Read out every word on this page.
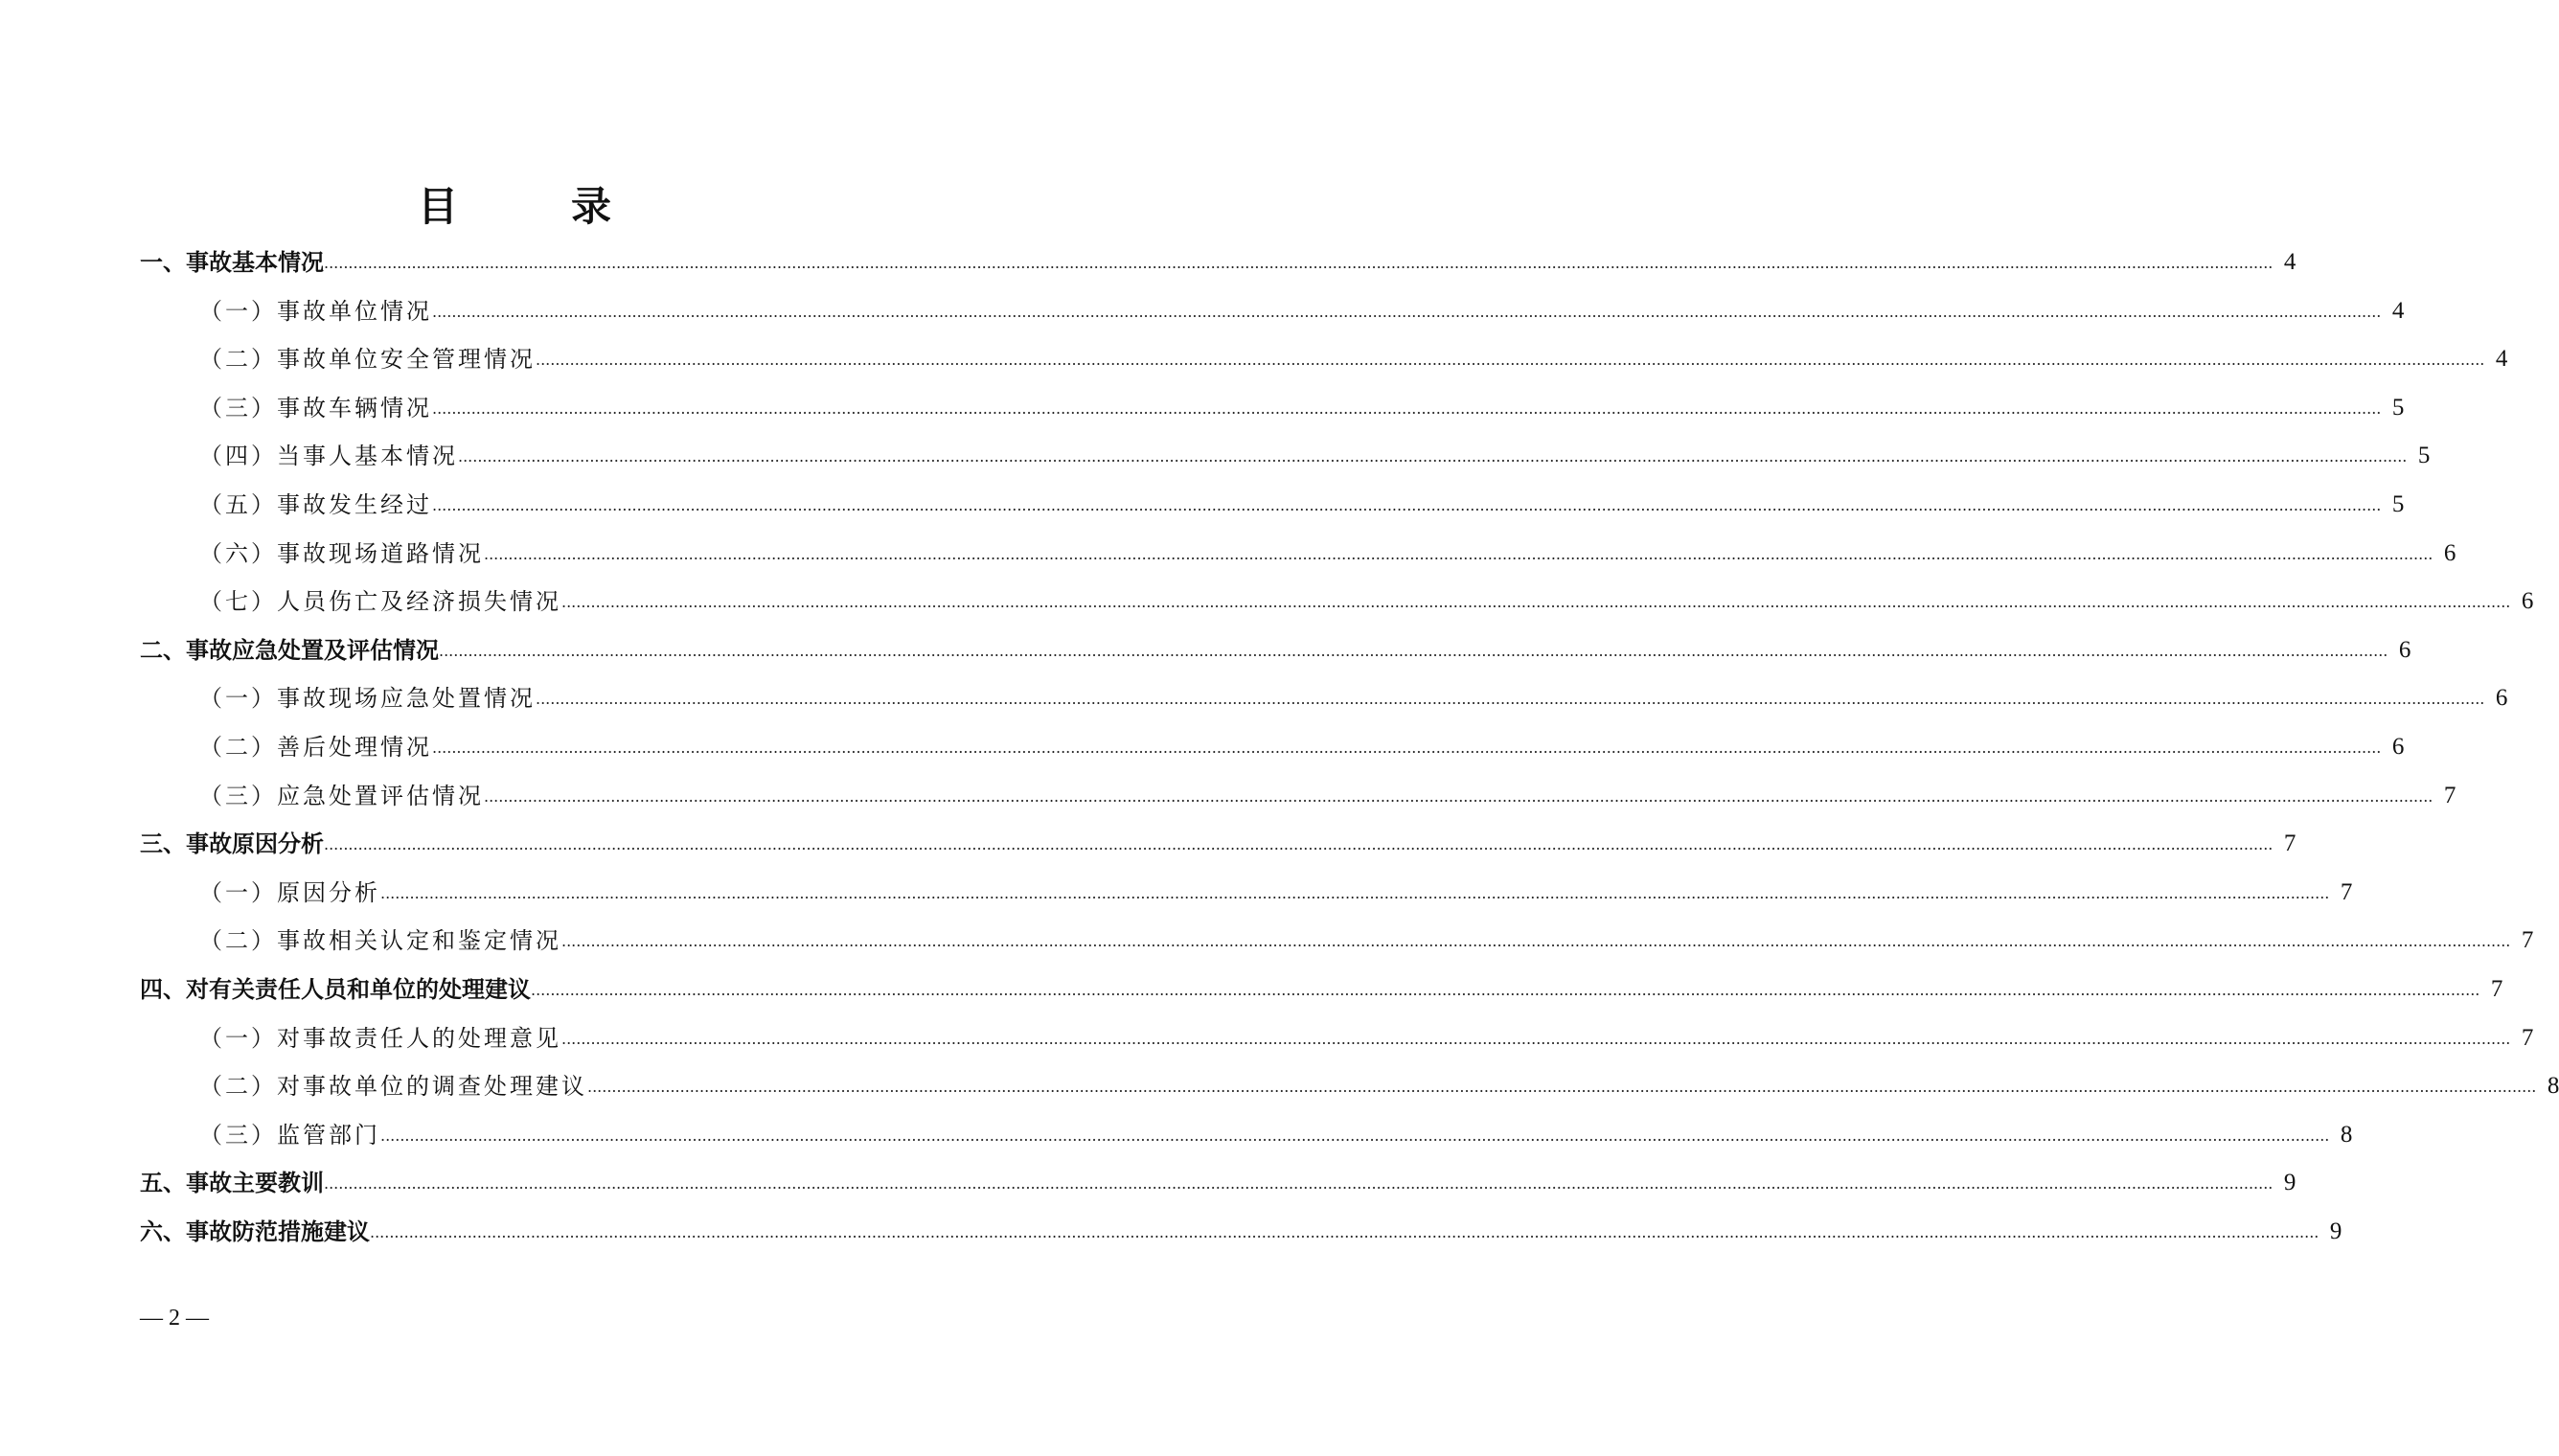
目　录
一、事故基本情况 ................................................................................................................................................................................................................................................................................................................................................................................................................ 4
（一）事故单位情况 ................................................................................................................................................................................................................................................................................................................................................................................................................ 4
（二）事故单位安全管理情况 ................................................................................................................................................................................................................................................................................................................................................................................................................ 4
（三）事故车辆情况 ................................................................................................................................................................................................................................................................................................................................................................................................................ 5
（四）当事人基本情况 ................................................................................................................................................................................................................................................................................................................................................................................................................ 5
（五）事故发生经过 ................................................................................................................................................................................................................................................................................................................................................................................................................ 5
（六）事故现场道路情况 ................................................................................................................................................................................................................................................................................................................................................................................................................ 6
（七）人员伤亡及经济损失情况 ................................................................................................................................................................................................................................................................................................................................................................................................................ 6
二、事故应急处置及评估情况 ................................................................................................................................................................................................................................................................................................................................................................................................................ 6
（一）事故现场应急处置情况 ................................................................................................................................................................................................................................................................................................................................................................................................................ 6
（二）善后处理情况 ................................................................................................................................................................................................................................................................................................................................................................................................................ 6
（三）应急处置评估情况 ................................................................................................................................................................................................................................................................................................................................................................................................................ 7
三、事故原因分析 ................................................................................................................................................................................................................................................................................................................................................................................................................ 7
（一）原因分析 ................................................................................................................................................................................................................................................................................................................................................................................................................ 7
（二）事故相关认定和鉴定情况 ................................................................................................................................................................................................................................................................................................................................................................................................................ 7
四、对有关责任人员和单位的处理建议 ................................................................................................................................................................................................................................................................................................................................................................................................................ 7
（一）对事故责任人的处理意见 ................................................................................................................................................................................................................................................................................................................................................................................................................ 7
（二）对事故单位的调查处理建议 ................................................................................................................................................................................................................................................................................................................................................................................................................ 8
（三）监管部门 ................................................................................................................................................................................................................................................................................................................................................................................................................ 8
五、事故主要教训 ................................................................................................................................................................................................................................................................................................................................................................................................................ 9
六、事故防范措施建议 ................................................................................................................................................................................................................................................................................................................................................................................................................ 9
— 2 —
